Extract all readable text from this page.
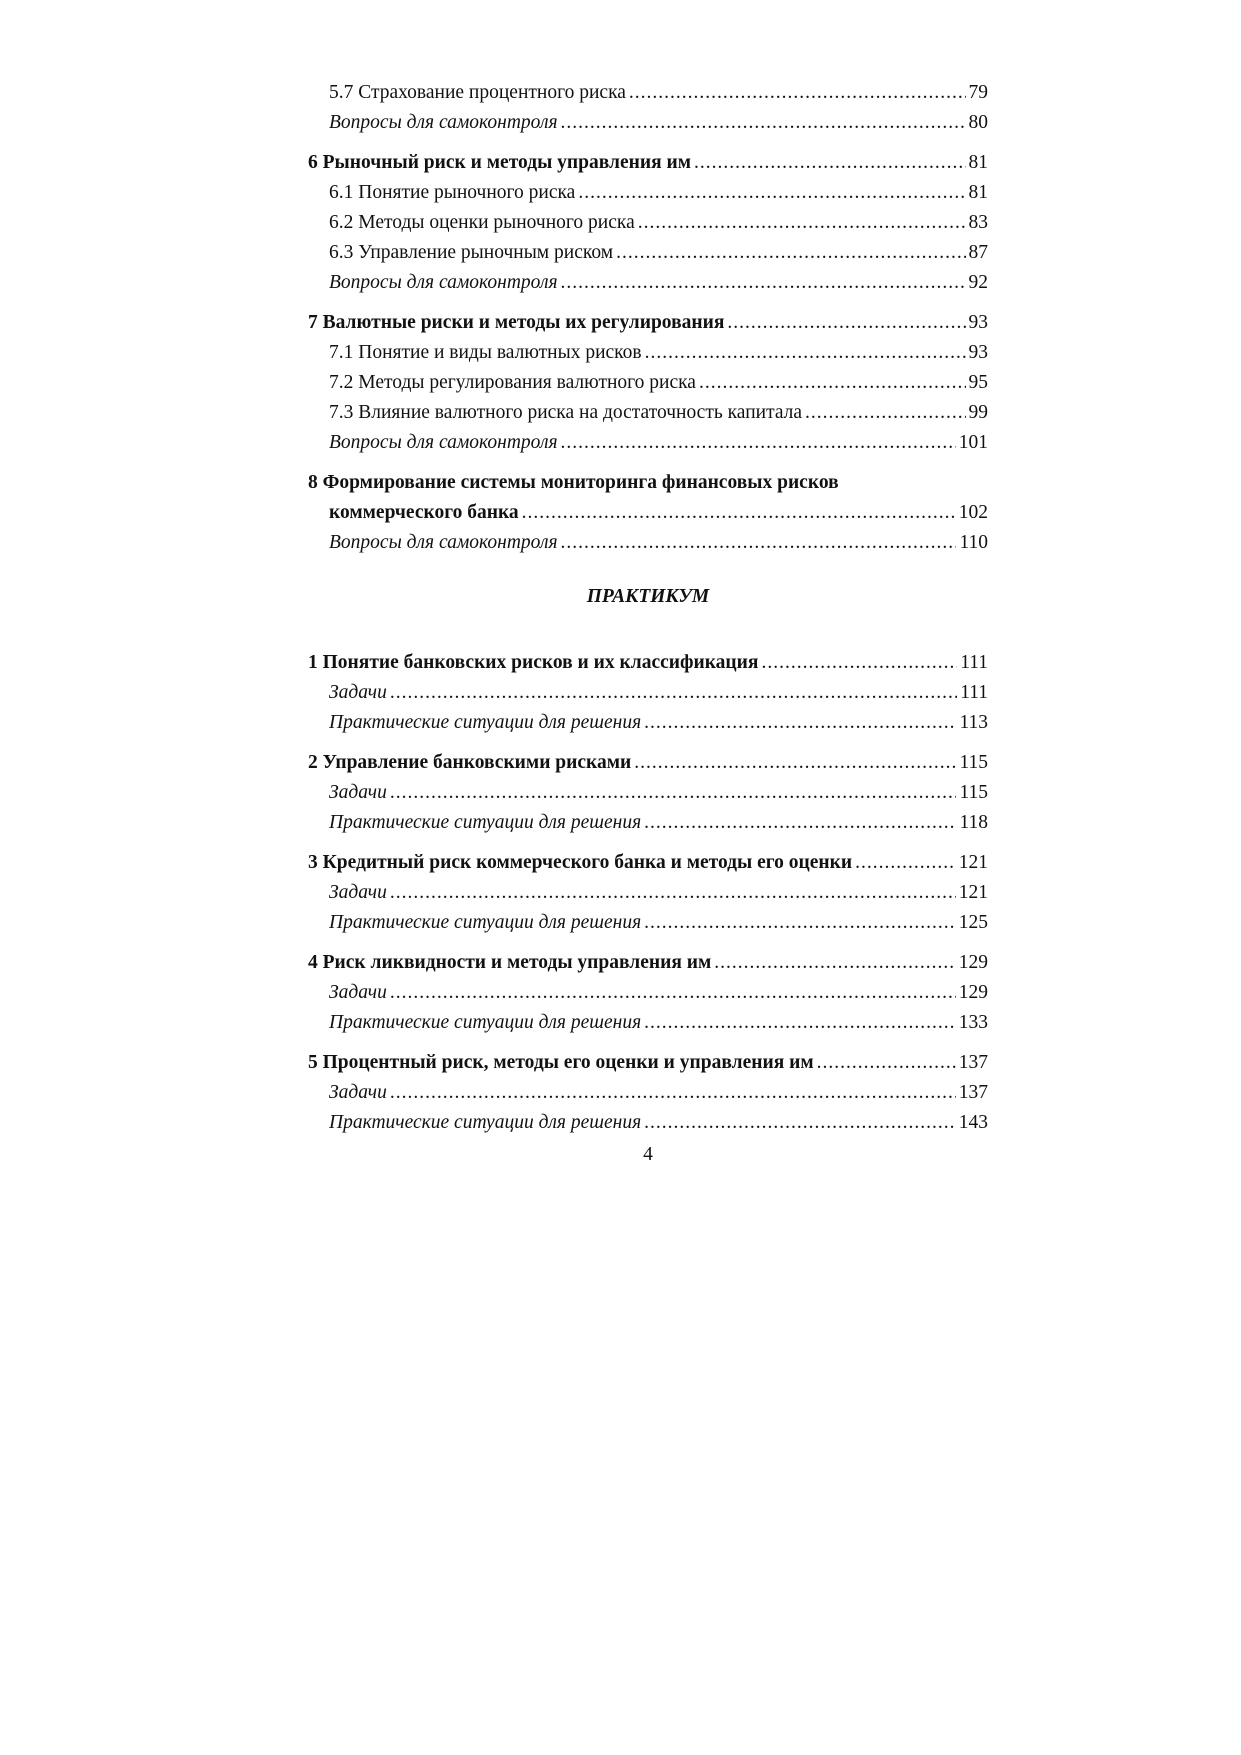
5.7 Страхование процентного риска .....	79
Вопросы для самоконтроля .....	80
6 Рыночный риск и методы управления им .....	81
6.1 Понятие рыночного риска .....	81
6.2 Методы оценки рыночного риска .....	83
6.3 Управление рыночным риском .....	87
Вопросы для самоконтроля .....	92
7 Валютные риски и методы их регулирования .....	93
7.1 Понятие и виды валютных рисков .....	93
7.2 Методы регулирования валютного риска .....	95
7.3 Влияние валютного риска на достаточность капитала .....	99
Вопросы для самоконтроля .....	101
8 Формирование системы мониторинга финансовых рисков
коммерческого банка .....	102
Вопросы для самоконтроля .....	110
ПРАКТИКУМ
1 Понятие банковских рисков и их классификация .....	111
Задачи .....	111
Практические ситуации для решения .....	113
2 Управление банковскими рисками .....	115
Задачи .....	115
Практические ситуации для решения .....	118
3 Кредитный риск коммерческого банка и методы его оценки .....	121
Задачи .....	121
Практические ситуации для решения .....	125
4 Риск ликвидности и методы управления им .....	129
Задачи .....	129
Практические ситуации для решения .....	133
5 Процентный риск, методы его оценки и управления им .....	137
Задачи .....	137
Практические ситуации для решения .....	143
4
